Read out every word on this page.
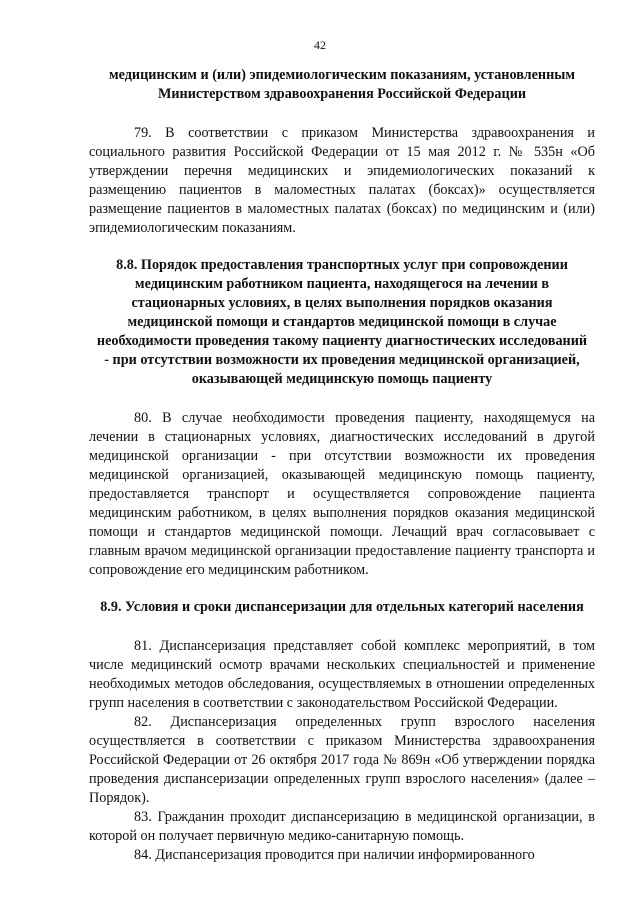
42
медицинским и (или) эпидемиологическим показаниям, установленным Министерством здравоохранения Российской Федерации

79. В соответствии с приказом Министерства здравоохранения и социального развития Российской Федерации от 15 мая 2012 г. № 535н «Об утверждении перечня медицинских и эпидемиологических показаний к размещению пациентов в маломестных палатах (боксах)» осуществляется размещение пациентов в маломестных палатах (боксах) по медицинским и (или) эпидемиологическим показаниям.

8.8. Порядок предоставления транспортных услуг при сопровождении медицинским работником пациента, находящегося на лечении в стационарных условиях, в целях выполнения порядков оказания медицинской помощи и стандартов медицинской помощи в случае необходимости проведения такому пациенту диагностических исследований - при отсутствии возможности их проведения медицинской организацией, оказывающей медицинскую помощь пациенту

80. В случае необходимости проведения пациенту, находящемуся на лечении в стационарных условиях, диагностических исследований в другой медицинской организации - при отсутствии возможности их проведения медицинской организацией, оказывающей медицинскую помощь пациенту, предоставляется транспорт и осуществляется сопровождение пациента медицинским работником, в целях выполнения порядков оказания медицинской помощи и стандартов медицинской помощи. Лечащий врач согласовывает с главным врачом медицинской организации предоставление пациенту транспорта и сопровождение его медицинским работником.

8.9. Условия и сроки диспансеризации для отдельных категорий населения

81. Диспансеризация представляет собой комплекс мероприятий, в том числе медицинский осмотр врачами нескольких специальностей и применение необходимых методов обследования, осуществляемых в отношении определенных групп населения в соответствии с законодательством Российской Федерации.

82. Диспансеризация определенных групп взрослого населения осуществляется в соответствии с приказом Министерства здравоохранения Российской Федерации от 26 октября 2017 года № 869н «Об утверждении порядка проведения диспансеризации определенных групп взрослого населения» (далее – Порядок).

83. Гражданин проходит диспансеризацию в медицинской организации, в которой он получает первичную медико-санитарную помощь.

84. Диспансеризация проводится при наличии информированного
